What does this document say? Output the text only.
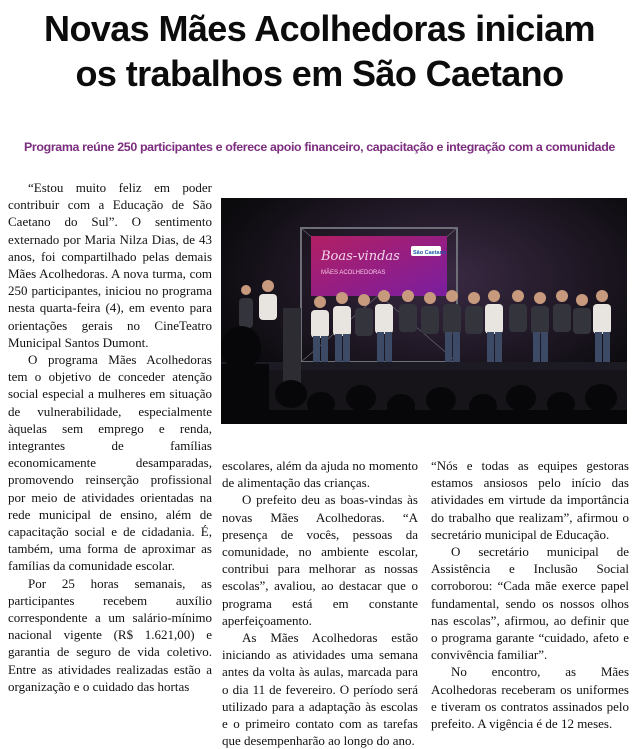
Novas Mães Acolhedoras iniciam
os trabalhos em São Caetano

Programa reúne 250 participantes e oferece apoio financeiro, capacitação e integração com a comunidade

“Estou muito feliz em poder contribuir com a Educação de São Caetano do Sul”. O sentimento externado por Maria Nilza Dias, de 43 anos, foi compartilhado pelas demais Mães Acolhedoras. A nova turma, com 250 participantes, iniciou no programa nesta quarta-feira (4), em evento para orientações gerais no CineTeatro Municipal Santos Dumont.

O programa Mães Acolhedoras tem o objetivo de conceder atenção social especial a mulheres em situação de vulnerabilidade, especialmente àquelas sem emprego e renda, integrantes de famílias economicamente desamparadas, promovendo reinserção profissional por meio de atividades orientadas na rede municipal de ensino, além de capacitação social e de cidadania. É, também, uma forma de aproximar as famílias da comunidade escolar.

Por 25 horas semanais, as participantes recebem auxílio correspondente a um salário-mínimo nacional vigente (R$ 1.621,00) e garantia de seguro de vida coletivo. Entre as atividades realizadas estão a organização e o cuidado das hortas

Boas-vindas
MÃES ACOLHEDORAS
São Caetano

escolares, além da ajuda no momento de alimentação das crianças.

O prefeito deu as boas-vindas às novas Mães Acolhedoras. “A presença de vocês, pessoas da comunidade, no ambiente escolar, contribui para melhorar as nossas escolas”, avaliou, ao destacar que o programa está em constante aperfeiçoamento.

As Mães Acolhedoras estão iniciando as atividades uma semana antes da volta às aulas, marcada para o dia 11 de fevereiro. O período será utilizado para a adaptação às escolas e o primeiro contato com as tarefas que desempenharão ao longo do ano.

“Nós e todas as equipes gestoras estamos ansiosos pelo início das atividades em virtude da importância do trabalho que realizam”, afirmou o secretário municipal de Educação.

O secretário municipal de Assistência e Inclusão Social corroborou: “Cada mãe exerce papel fundamental, sendo os nossos olhos nas escolas”, afirmou, ao definir que o programa garante “cuidado, afeto e convivência familiar”.

No encontro, as Mães Acolhedoras receberam os uniformes e tiveram os contratos assinados pelo prefeito. A vigência é de 12 meses.
